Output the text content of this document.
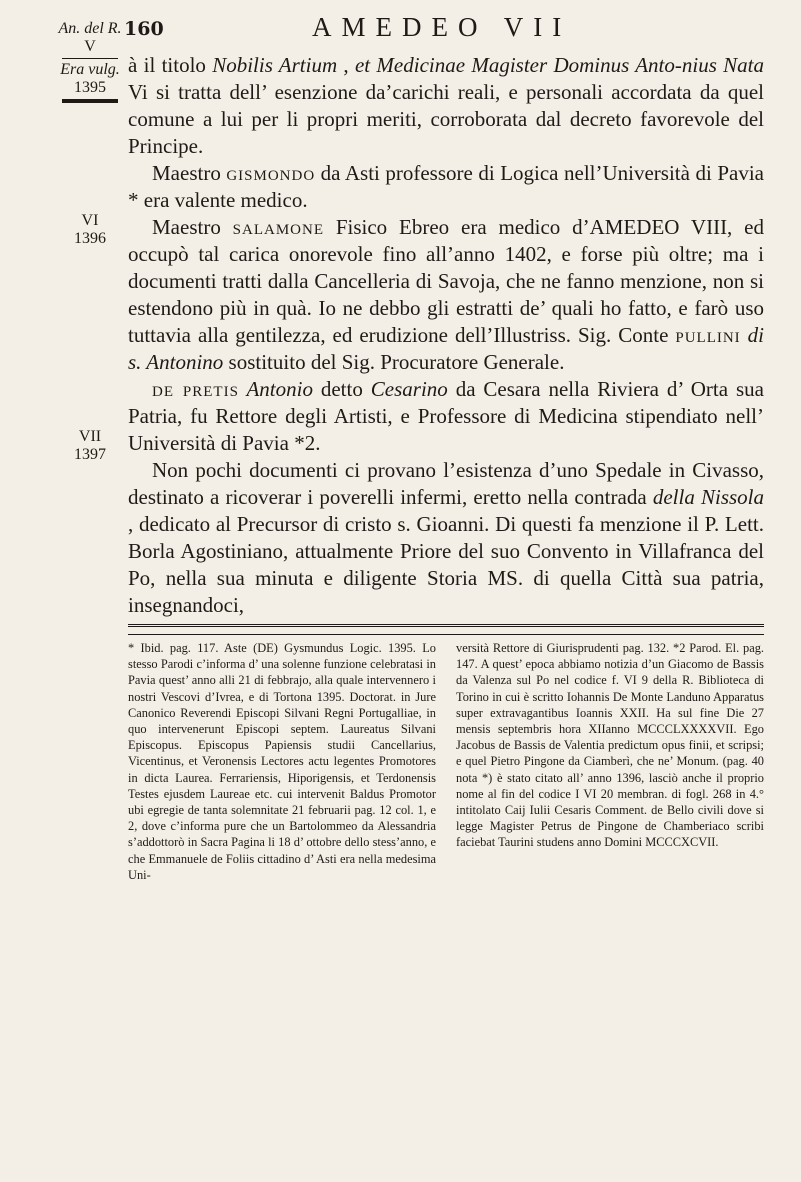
160	AMEDEO VII
An. del R.
V
Era vulg.
1395
VI
1396
VII
1397

à il titolo Nobilis Artium , et Medicinae Magister Dominus Anto-nius Nata Vi si tratta dell’ esenzione da’carichi reali, e personali accordata da quel comune a lui per li propri meriti, corroborata dal decreto favorevole del Principe.

Maestro gismondo da Asti professore di Logica nell’Università di Pavia * era valente medico.

Maestro salamone Fisico Ebreo era medico d’AMEDEO VIII, ed occupò tal carica onorevole fino all’anno 1402, e forse più oltre; ma i documenti tratti dalla Cancelleria di Savoja, che ne fanno menzione, non si estendono più in quà. Io ne debbo gli estratti de’ quali ho fatto, e farò uso tuttavia alla gentilezza, ed erudizione dell’Illustriss. Sig. Conte pullini di s. Antonino sostituito del Sig. Procuratore Generale.

de pretis Antonio detto Cesarino da Cesara nella Riviera d’ Orta sua Patria, fu Rettore degli Artisti, e Professore di Medicina stipendiato nell’ Università di Pavia *2.

Non pochi documenti ci provano l’esistenza d’uno Spedale in Civasso, destinato a ricoverar i poverelli infermi, eretto nella contrada della Nissola , dedicato al Precursor di cristo s. Gioanni. Di questi fa menzione il P. Lett. Borla Agostiniano, attualmente Priore del suo Convento in Villafranca del Po, nella sua minuta e diligente Storia MS. di quella Città sua patria, insegnandoci,

* Ibid. pag. 117. Aste (DE) Gysmundus Logic. 1395. Lo stesso Parodi c’informa d’ una solenne funzione celebratasi in Pavia quest’ anno alli 21 di febbrajo, alla quale intervennero i nostri Vescovi d’Ivrea, e di Tortona 1395. Doctorat. in Jure Canonico Reverendi Episcopi Silvani Regni Portugalliae, in quo intervenerunt Episcopi septem. Laureatus Silvani Episcopus. Episcopus Papiensis studii Cancellarius, Vicentinus, et Veronensis Lectores actu legentes Promotores in dicta Laurea. Ferrariensis, Hiporigensis, et Terdonensis Testes ejusdem Laureae etc. cui intervenit Baldus Promotor ubi egregie de tanta solemnitate 21 februarii pag. 12 col. 1, e 2, dove c’informa pure che un Bartolommeo da Alessandria s’addottorò in Sacra Pagina li 18 d’ ottobre dello stess’anno, e che Emmanuele de Foliis cittadino d’ Asti era nella medesima Uni-

versità Rettore di Giurisprudenti pag. 132. *2 Parod. El. pag. 147. A quest’ epoca abbiamo notizia d’un Giacomo de Bassis da Valenza sul Po nel codice f. VI 9 della R. Biblioteca di Torino in cui è scritto Iohannis De Monte Landuno Apparatus super extravagantibus Ioannis XXII. Ha sul fine Die 27 mensis septembris hora XIIanno MCCCLXXXXVII. Ego Jacobus de Bassis de Valentia predictum opus finii, et scripsi; e quel Pietro Pingone da Ciamberì, che ne’ Monum. (pag. 40 nota *) è stato citato all’ anno 1396, lasciò anche il proprio nome al fin del codice I VI 20 membran. di fogl. 268 in 4.° intitolato Caij Iulii Cesaris Comment. de Bello civili dove si legge Magister Petrus de Pingone de Chamberiaco scribi faciebat Taurini studens anno Domini MCCCXCVII.
